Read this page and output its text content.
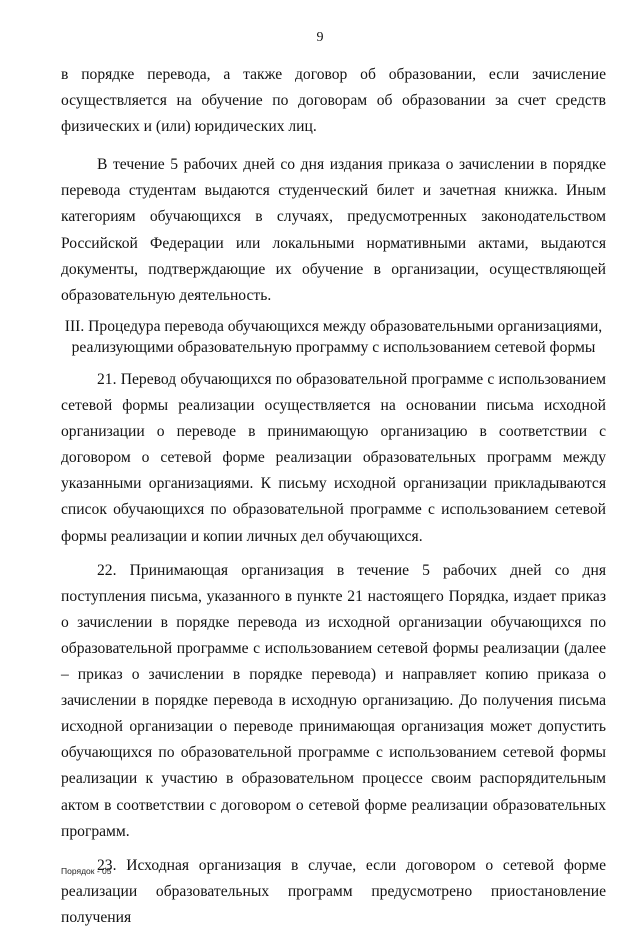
9

в порядке перевода, а также договор об образовании, если зачисление осуществляется на обучение по договорам об образовании за счет средств физических и (или) юридических лиц.

В течение 5 рабочих дней со дня издания приказа о зачислении в порядке перевода студентам выдаются студенческий билет и зачетная книжка. Иным категориям обучающихся в случаях, предусмотренных законодательством Российской Федерации или локальными нормативными актами, выдаются документы, подтверждающие их обучение в организации, осуществляющей образовательную деятельность.

III. Процедура перевода обучающихся между образовательными организациями,
реализующими образовательную программу с использованием сетевой формы

21. Перевод обучающихся по образовательной программе с использованием сетевой формы реализации осуществляется на основании письма исходной организации о переводе в принимающую организацию в соответствии с договором о сетевой форме реализации образовательных программ между указанными организациями. К письму исходной организации прикладываются список обучающихся по образовательной программе с использованием сетевой формы реализации и копии личных дел обучающихся.

22. Принимающая организация в течение 5 рабочих дней со дня поступления письма, указанного в пункте 21 настоящего Порядка, издает приказ о зачислении в порядке перевода из исходной организации обучающихся по образовательной программе с использованием сетевой формы реализации (далее – приказ о зачислении в порядке перевода) и направляет копию приказа о зачислении в порядке перевода в исходную организацию. До получения письма исходной организации о переводе принимающая организация может допустить обучающихся по образовательной программе с использованием сетевой формы реализации к участию в образовательном процессе своим распорядительным актом в соответствии с договором о сетевой форме реализации образовательных программ.

23. Исходная организация в случае, если договором о сетевой форме реализации образовательных программ предусмотрено приостановление получения

Порядок - 05
